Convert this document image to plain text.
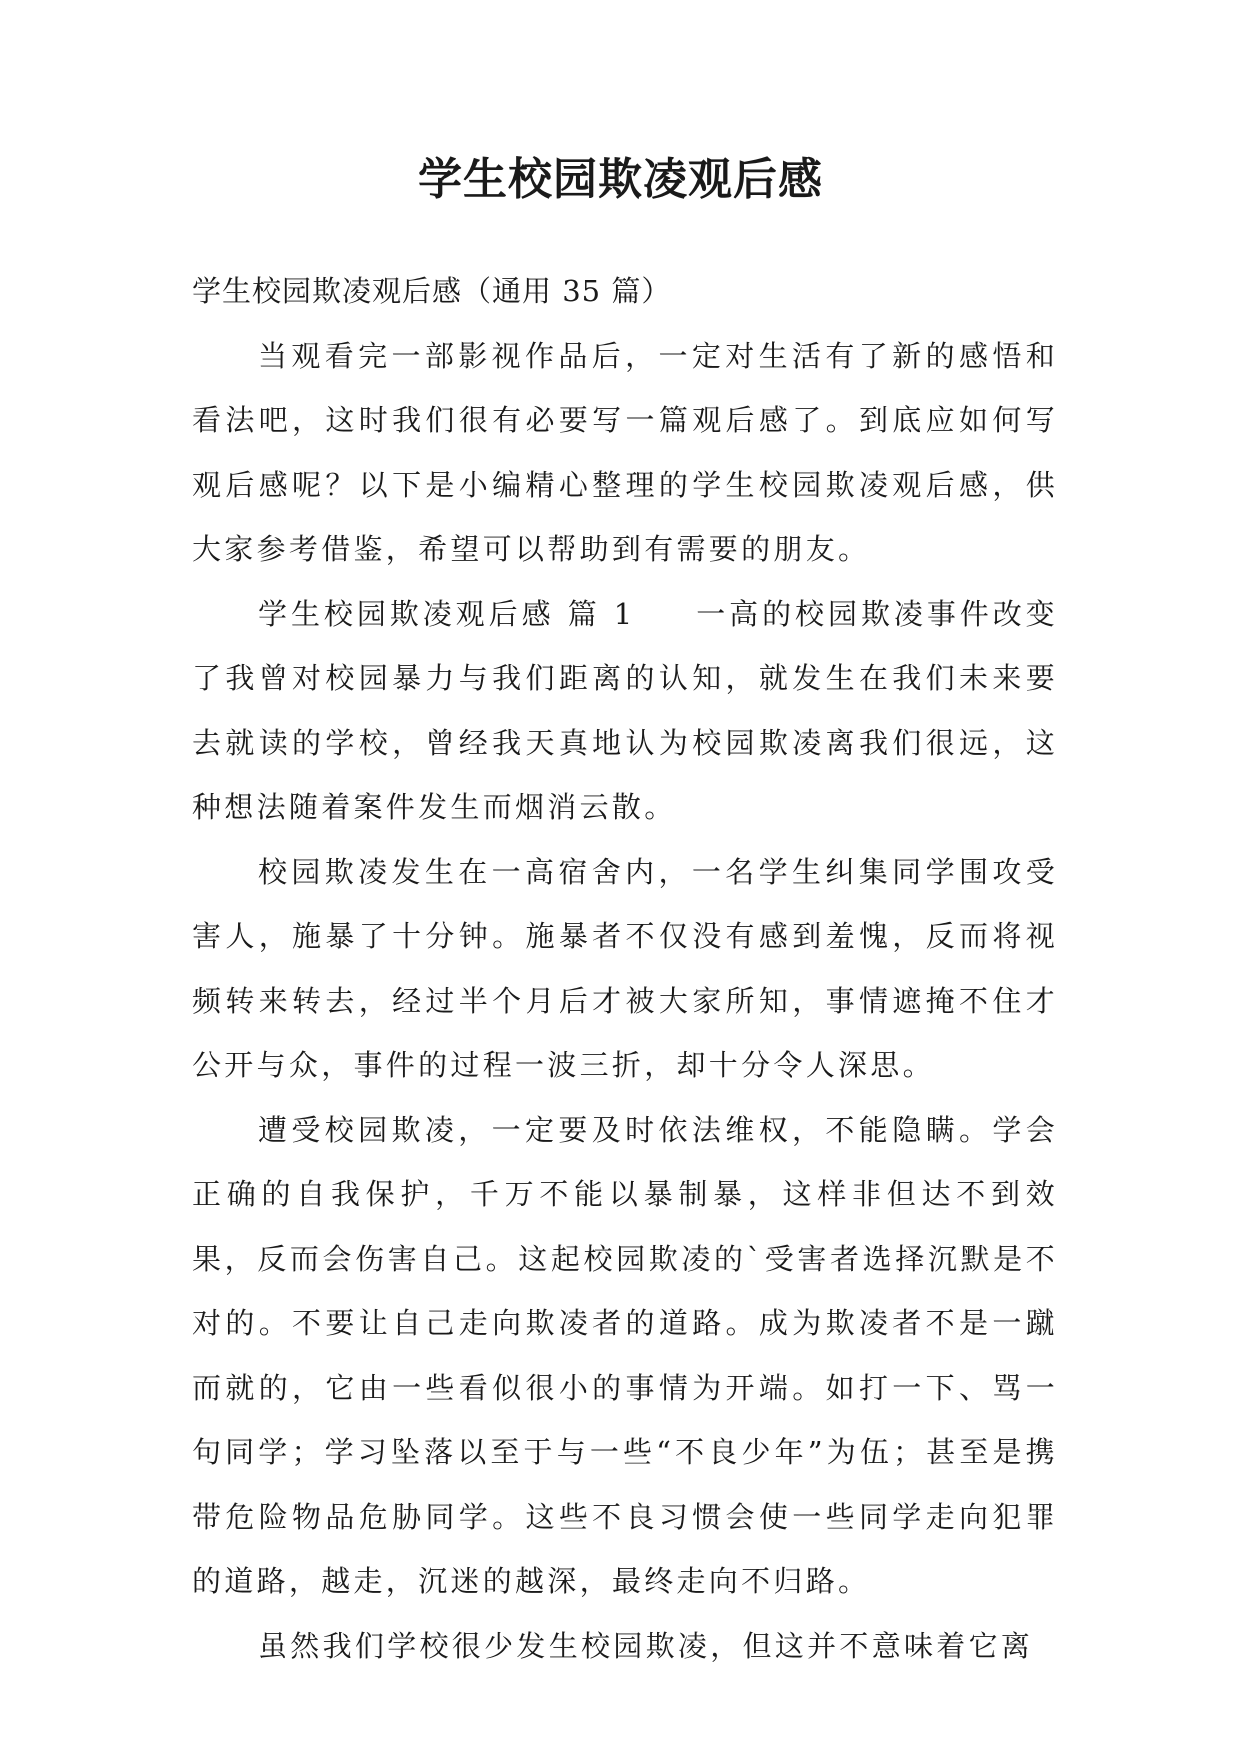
学生校园欺凌观后感

学生校园欺凌观后感（通用 35 篇）

当观看完一部影视作品后，一定对生活有了新的感悟和看法吧，这时我们很有必要写一篇观后感了。到底应如何写观后感呢？以下是小编精心整理的学生校园欺凌观后感，供大家参考借鉴，希望可以帮助到有需要的朋友。

学生校园欺凌观后感 篇 1 一高的校园欺凌事件改变了我曾对校园暴力与我们距离的认知，就发生在我们未来要去就读的学校，曾经我天真地认为校园欺凌离我们很远，这种想法随着案件发生而烟消云散。

校园欺凌发生在一高宿舍内，一名学生纠集同学围攻受害人，施暴了十分钟。施暴者不仅没有感到羞愧，反而将视频转来转去，经过半个月后才被大家所知，事情遮掩不住才公开与众，事件的过程一波三折，却十分令人深思。

遭受校园欺凌，一定要及时依法维权，不能隐瞒。学会正确的自我保护，千万不能以暴制暴，这样非但达不到效果，反而会伤害自己。这起校园欺凌的`受害者选择沉默是不对的。不要让自己走向欺凌者的道路。成为欺凌者不是一蹴而就的，它由一些看似很小的事情为开端。如打一下、骂一句同学；学习坠落以至于与一些“不良少年”为伍；甚至是携带危险物品危胁同学。这些不良习惯会使一些同学走向犯罪的道路，越走，沉迷的越深，最终走向不归路。

虽然我们学校很少发生校园欺凌，但这并不意味着它离
